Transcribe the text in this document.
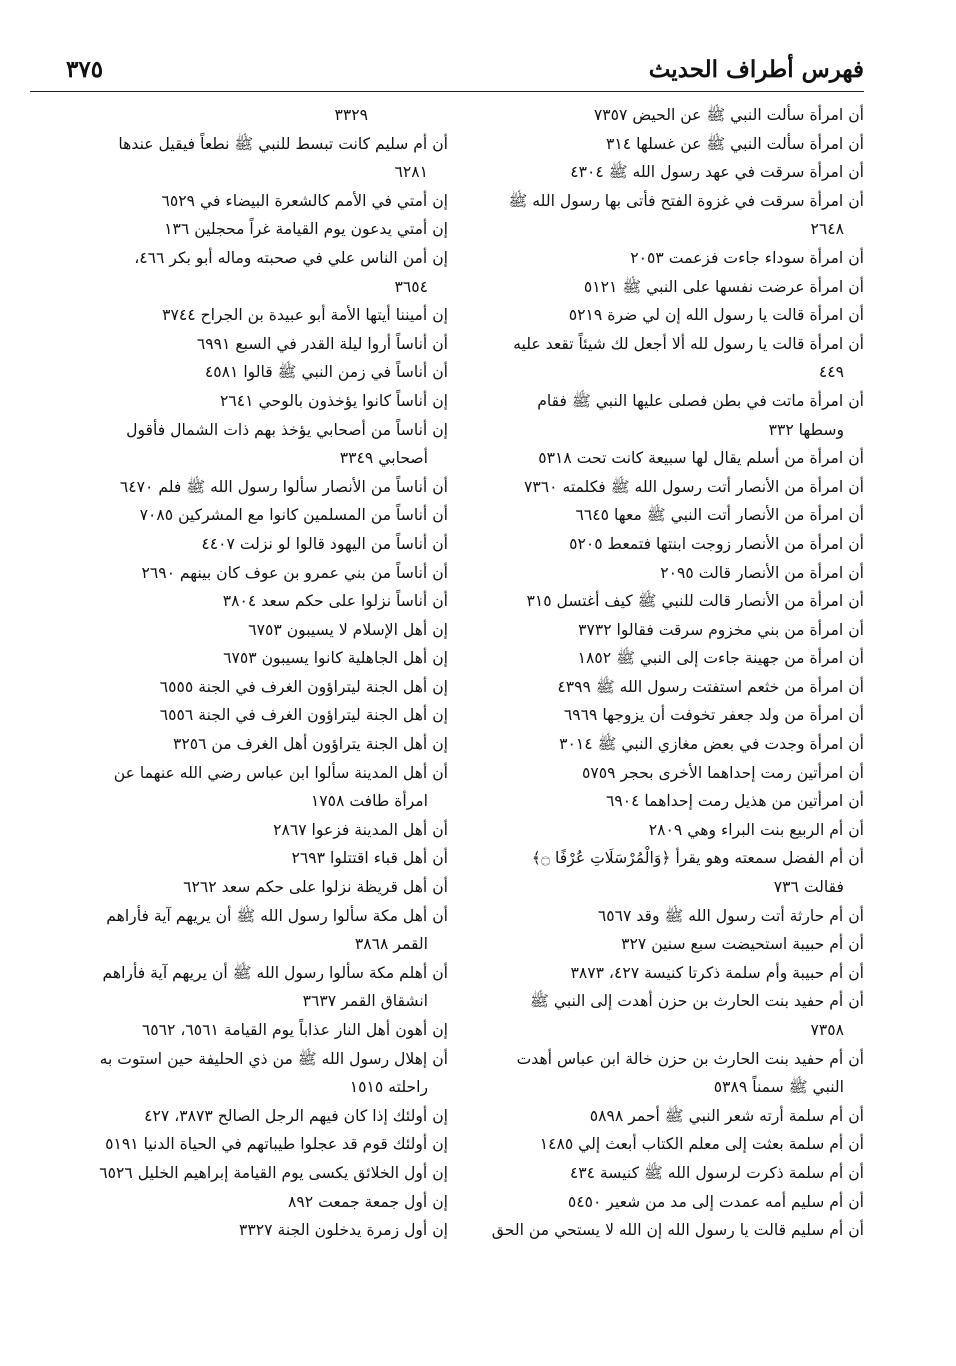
فهرس أطراف الحديث
٣٧٥
أن امرأة سألت النبي ﷺ عن الحيض ٧٣٥٧
أن امرأة سألت النبي ﷺ عن غسلها ٣١٤
أن امرأة سرقت في عهد رسول الله ﷺ ٤٣٠٤
أن امرأة سرقت في غزوة الفتح فأتى بها رسول الله ﷺ
٢٦٤٨
أن امرأة سوداء جاءت فزعمت ٢٠٥٣
أن امرأة عرضت نفسها على النبي ﷺ ٥١٢١
أن امرأة قالت يا رسول الله إن لي ضرة ٥٢١٩
أن امرأة قالت يا رسول لله ألا أجعل لك شيئاً تقعد عليه
٤٤٩
أن امرأة ماتت في بطن فصلى عليها النبي ﷺ فقام
وسطها ٣٣٢
أن امرأة من أسلم يقال لها سبيعة كانت تحت ٥٣١٨
أن امرأة من الأنصار أتت رسول الله ﷺ فكلمته ٧٣٦٠
أن امرأة من الأنصار أتت النبي ﷺ معها ٦٦٤٥
أن امرأة من الأنصار زوجت ابنتها فتمعط ٥٢٠٥
أن امرأة من الأنصار قالت ٢٠٩٥
أن امرأة من الأنصار قالت للنبي ﷺ كيف أغتسل ٣١٥
أن امرأة من بني مخزوم سرقت فقالوا ٣٧٣٢
أن امرأة من جهينة جاءت إلى النبي ﷺ ١٨٥٢
أن امرأة من خثعم استفتت رسول الله ﷺ ٤٣٩٩
أن امرأة من ولد جعفر تخوفت أن يزوجها ٦٩٦٩
أن امرأة وجدت في بعض مغازي النبي ﷺ ٣٠١٤
أن امرأتين رمت إحداهما الأخرى بحجر ٥٧٥٩
أن امرأتين من هذيل رمت إحداهما ٦٩٠٤
أن أم الربيع بنت البراء وهي ٢٨٠٩
أن أم الفضل سمعته وهو يقرأ ﴿وَالْمُرْسَلَاتِ عُرْفًا ۝﴾
فقالت ٧٣٦
أن أم حارثة أتت رسول الله ﷺ وقد ٦٥٦٧
أن أم حبيبة استحيضت سبع سنين ٣٢٧
أن أم حبيبة وأم سلمة ذكرتا كنيسة ٤٢٧، ٣٨٧٣
أن أم حفيد بنت الحارث بن حزن أهدت إلى النبي ﷺ
٧٣٥٨
أن أم حفيد بنت الحارث بن حزن خالة ابن عباس أهدت
النبي ﷺ سمناً ٥٣٨٩
أن أم سلمة أرته شعر النبي ﷺ أحمر ٥٨٩٨
أن أم سلمة بعثت إلى معلم الكتاب أبعث إلي ١٤٨٥
أن أم سلمة ذكرت لرسول الله ﷺ كنيسة ٤٣٤
أن أم سليم أمه عمدت إلى مد من شعير ٥٤٥٠
أن أم سليم قالت يا رسول الله إن الله لا يستحي من الحق
٣٣٢٩
أن أم سليم كانت تبسط للنبي ﷺ نطعاً فيقيل عندها
٦٢٨١
إن أمتي في الأمم كالشعرة البيضاء في ٦٥٢٩
إن أمتي يدعون يوم القيامة غراً محجلين ١٣٦
إن أمن الناس علي في صحبته وماله أبو بكر ٤٦٦،
٣٦٥٤
إن أميننا أيتها الأمة أبو عبيدة بن الجراح ٣٧٤٤
أن أناساً أروا ليلة القدر في السبع ٦٩٩١
أن أناساً في زمن النبي ﷺ قالوا ٤٥٨١
إن أناساً كانوا يؤخذون بالوحي ٢٦٤١
إن أناساً من أصحابي يؤخذ بهم ذات الشمال فأقول
أصحابي ٣٣٤٩
أن أناساً من الأنصار سألوا رسول الله ﷺ فلم ٦٤٧٠
أن أناساً من المسلمين كانوا مع المشركين ٧٠٨٥
أن أناساً من اليهود قالوا لو نزلت ٤٤٠٧
أن أناساً من بني عمرو بن عوف كان بينهم ٢٦٩٠
أن أناساً نزلوا على حكم سعد ٣٨٠٤
إن أهل الإسلام لا يسيبون ٦٧٥٣
إن أهل الجاهلية كانوا يسيبون ٦٧٥٣
إن أهل الجنة ليتراؤون الغرف في الجنة ٦٥٥٥
إن أهل الجنة ليتراؤون الغرف في الجنة ٦٥٥٦
إن أهل الجنة يتراؤون أهل الغرف من ٣٢٥٦
أن أهل المدينة سألوا ابن عباس رضي الله عنهما عن
امرأة طافت ١٧٥٨
أن أهل المدينة فزعوا ٢٨٦٧
أن أهل قباء اقتتلوا ٢٦٩٣
أن أهل قريظة نزلوا على حكم سعد ٦٢٦٢
أن أهل مكة سألوا رسول الله ﷺ أن يريهم آية فأراهم
القمر ٣٨٦٨
أن أهلم مكة سألوا رسول الله ﷺ أن يريهم آية فأراهم
انشقاق القمر ٣٦٣٧
إن أهون أهل النار عذاباً يوم القيامة ٦٥٦١، ٦٥٦٢
أن إهلال رسول الله ﷺ من ذي الحليفة حين استوت به
راحلته ١٥١٥
إن أولئك إذا كان فيهم الرجل الصالح ٣٨٧٣، ٤٢٧
إن أولئك قوم قد عجلوا طيباتهم في الحياة الدنيا ٥١٩١
إن أول الخلائق يكسى يوم القيامة إبراهيم الخليل ٦٥٢٦
إن أول جمعة جمعت ٨٩٢
إن أول زمرة يدخلون الجنة ٣٣٢٧
